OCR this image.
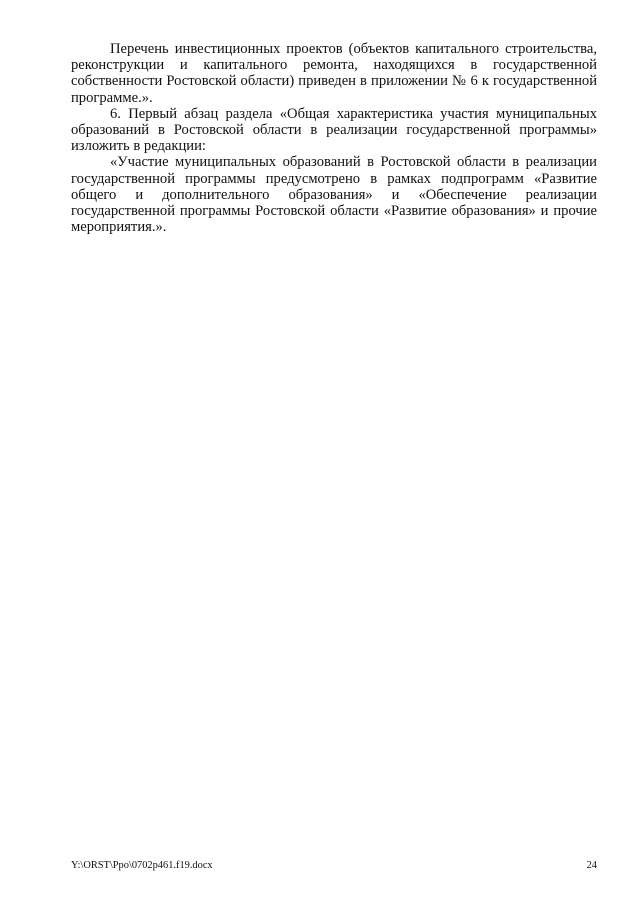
Перечень инвестиционных проектов (объектов капитального строительства, реконструкции и капитального ремонта, находящихся в государственной собственности Ростовской области) приведен в приложении № 6 к государственной программе.».

6. Первый абзац раздела «Общая характеристика участия муниципальных образований в Ростовской области в реализации государственной программы» изложить в редакции:

«Участие муниципальных образований в Ростовской области в реализации государственной программы предусмотрено в рамках подпрограмм «Развитие общего и дополнительного образования» и «Обеспечение реализации государственной программы Ростовской области «Развитие образования» и прочие мероприятия.».

Y:\ORST\Ppo\0702p461.f19.docx	24
